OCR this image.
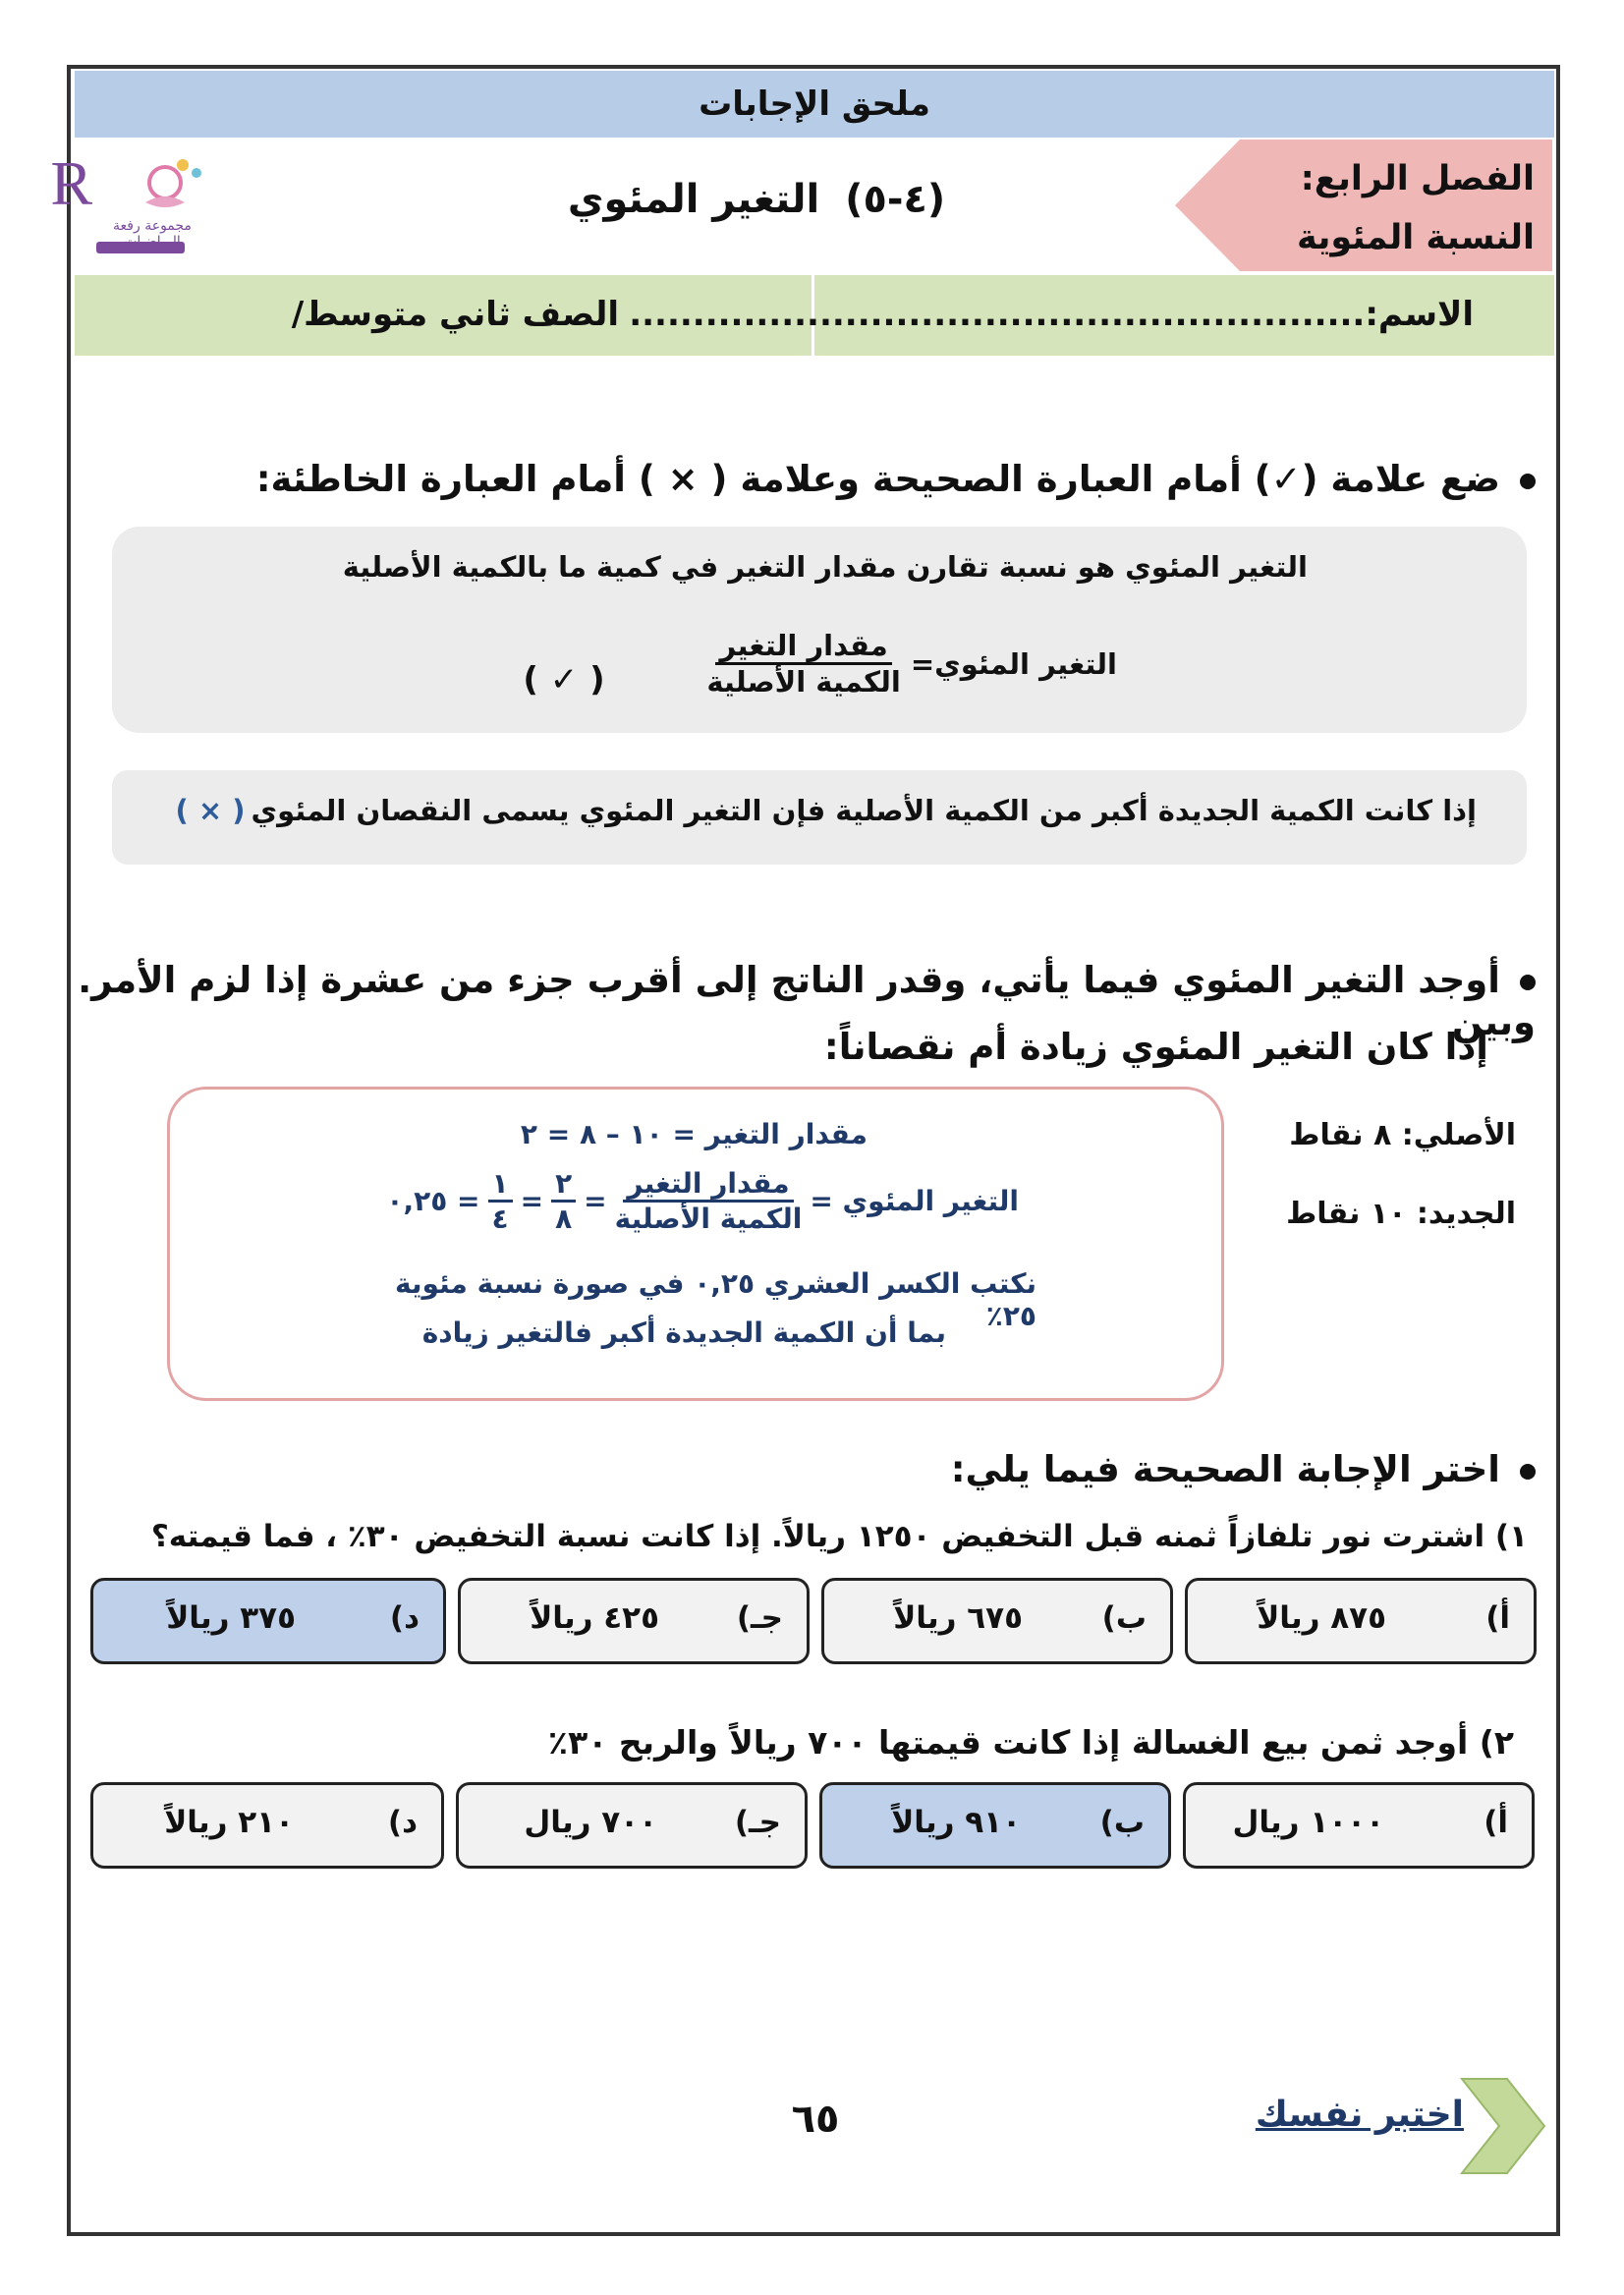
ملحق الإجابات
الفصل الرابع:
النسبة المئوية
(٤-٥) التغير المئوي
R
مجموعة رفعة الرياضيات
الاسم:..........................................................
الصف ثاني متوسط/
ضع علامة (✓) أمام العبارة الصحيحة وعلامة ( × ) أمام العبارة الخاطئة:
التغير المئوي هو نسبة تقارن مقدار التغير في كمية ما بالكمية الأصلية
التغير المئوي=
$\frac{\text{مقدار التغير}}{\text{الكمية الأصلية}}$
( ✓ )
إذا كانت الكمية الجديدة أكبر من الكمية الأصلية فإن التغير المئوي يسمى النقصان المئوي
( × )
أوجد التغير المئوي فيما يأتي، وقدر الناتج إلى أقرب جزء من عشرة إذا لزم الأمر. وبين
إذا كان التغير المئوي زيادة أم نقصاناً:
الأصلي: ٨ نقاط
الجديد: ١٠ نقاط
مقدار التغير = ١٠ – ٨ = ٢
التغير المئوي =
$\frac{\text{مقدار التغير}}{\text{الكمية الأصلية}}$
=
$\frac{٢}{٨}$
=
$\frac{١}{٤}$
= ٠,٢٥
نكتب الكسر العشري ٠,٢٥ في صورة نسبة مئوية ٢٥٪
بما أن الكمية الجديدة أكبر فالتغير زيادة
اختر الإجابة الصحيحة فيما يلي:
١) اشترت نور تلفازاً ثمنه قبل التخفيض ١٢٥٠ ريالاً. إذا كانت نسبة التخفيض ٣٠٪ ، فما قيمته؟
أ)
٨٧٥ ريالاً
ب)
٦٧٥ ريالاً
جـ)
٤٢٥ ريالاً
د)
٣٧٥ ريالاً
٢) أوجد ثمن بيع الغسالة إذا كانت قيمتها ٧٠٠ ريالاً والربح ٣٠٪
أ)
١٠٠٠ ريال
ب)
٩١٠ ريالاً
جـ)
٧٠٠ ريال
د)
٢١٠ ريالاً
٦٥	اختبر نفسك
